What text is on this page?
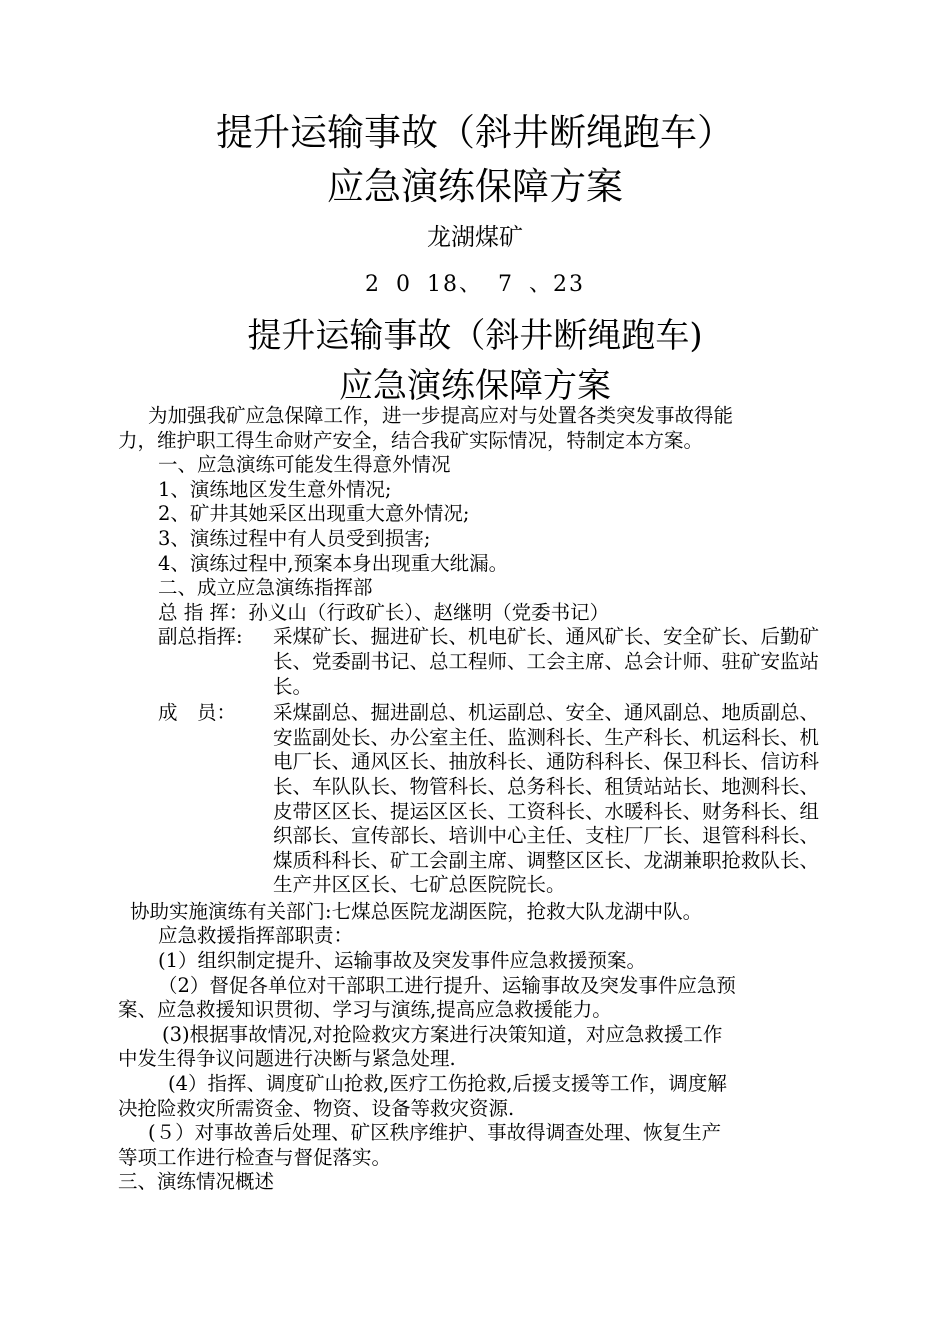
提升运输事故（斜井断绳跑车）
应急演练保障方案
龙湖煤矿
2 0 18、 7 、23
提升运输事故（斜井断绳跑车)
应急演练保障方案
为加强我矿应急保障工作，进一步提高应对与处置各类突发事故得能
力，维护职工得生命财产安全，结合我矿实际情况，特制定本方案。
一、应急演练可能发生得意外情况
1、演练地区发生意外情况;
2、矿井其她采区出现重大意外情况;
3、演练过程中有人员受到损害;
4、演练过程中,预案本身出现重大纰漏。
二、成立应急演练指挥部
总 指 挥：孙义山（行政矿长）、赵继明（党委书记）
副总指挥:	采煤矿长、掘进矿长、机电矿长、通风矿长、安全矿长、后勤矿长、党委副书记、总工程师、工会主席、总会计师、驻矿安监站长。
成　员：	采煤副总、掘进副总、机运副总、安全、通风副总、地质副总、安监副处长、办公室主任、监测科长、生产科长、机运科长、机电厂长、通风区长、抽放科长、通防科科长、保卫科长、信访科长、车队队长、物管科长、总务科长、租赁站站长、地测科长、皮带区区长、提运区区长、工资科长、水暖科长、财务科长、组织部长、宣传部长、培训中心主任、支柱厂厂长、退管科科长、煤质科科长、矿工会副主席、调整区区长、龙湖兼职抢救队长、生产井区区长、七矿总医院院长。
协助实施演练有关部门:七煤总医院龙湖医院，抢救大队龙湖中队。
应急救援指挥部职责：
(1）组织制定提升、运输事故及突发事件应急救援预案。
（2）督促各单位对干部职工进行提升、运输事故及突发事件应急预
案、应急救援知识贯彻、学习与演练,提高应急救援能力。
(3)根据事故情况,对抢险救灾方案进行决策知道，对应急救援工作
中发生得争议问题进行决断与紧急处理.
(4）指挥、调度矿山抢救,医疗工伤抢救,后援支援等工作，调度解
决抢险救灾所需资金、物资、设备等救灾资源.
(５）对事故善后处理、矿区秩序维护、事故得调查处理、恢复生产
等项工作进行检查与督促落实。
三、演练情况概述
